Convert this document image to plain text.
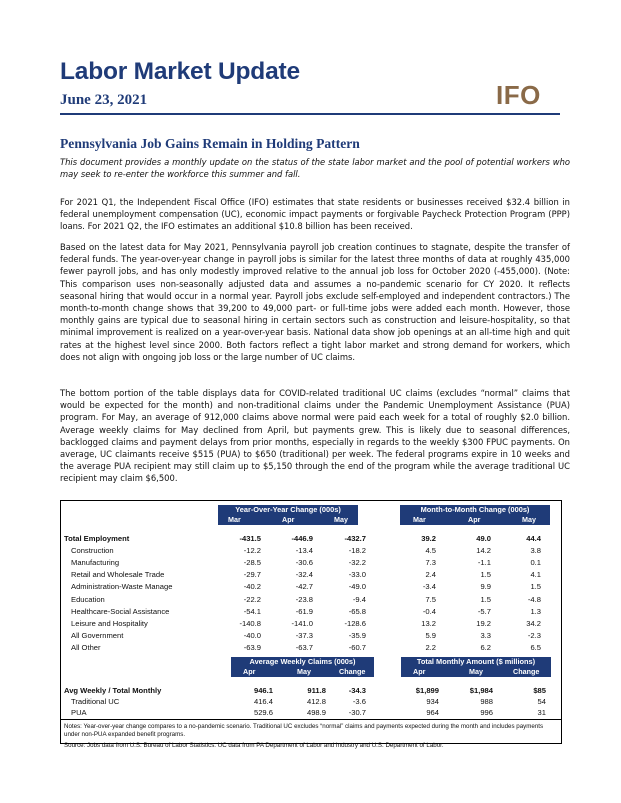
Labor Market Update
June 23, 2021	IFO
Pennsylvania Job Gains Remain in Holding Pattern
This document provides a monthly update on the status of the state labor market and the pool of potential workers who may seek to re-enter the workforce this summer and fall.

For 2021 Q1, the Independent Fiscal Office (IFO) estimates that state residents or businesses received $32.4 billion in federal unemployment compensation (UC), economic impact payments or forgivable Paycheck Protection Program (PPP) loans. For 2021 Q2, the IFO estimates an additional $10.8 billion has been received.

Based on the latest data for May 2021, Pennsylvania payroll job creation continues to stagnate, despite the transfer of federal funds. The year-over-year change in payroll jobs is similar for the latest three months of data at roughly 435,000 fewer payroll jobs, and has only modestly improved relative to the annual job loss for October 2020 (-455,000). (Note: This comparison uses non-seasonally adjusted data and assumes a no-pandemic scenario for CY 2020. It reflects seasonal hiring that would occur in a normal year. Payroll jobs exclude self-employed and independent contractors.) The month-to-month change shows that 39,200 to 49,000 part- or full-time jobs were added each month. However, those monthly gains are typical due to seasonal hiring in certain sectors such as construction and leisure-hospitality, so that minimal improvement is realized on a year-over-year basis. National data show job openings at an all-time high and quit rates at the highest level since 2000. Both factors reflect a tight labor market and strong demand for workers, which does not align with ongoing job loss or the large number of UC claims.

The bottom portion of the table displays data for COVID-related traditional UC claims (excludes “normal” claims that would be expected for the month) and non-traditional claims under the Pandemic Unemployment Assistance (PUA) program. For May, an average of 912,000 claims above normal were paid each week for a total of roughly $2.0 billion. Average weekly claims for May declined from April, but payments grew. This is likely due to seasonal differences, backlogged claims and payment delays from prior months, especially in regards to the weekly $300 FPUC payments. On average, UC claimants receive $515 (PUA) to $650 (traditional) per week. The federal programs expire in 10 weeks and the average PUA recipient may still claim up to $5,150 through the end of the program while the average traditional UC recipient may claim $6,500.

Year-Over-Year Change (000s)
Mar	Apr	May
Month-to-Month Change (000s)
Mar	Apr	May
Total Employment	-431.5	-446.9	-432.7	39.2	49.0	44.4
Construction	-12.2	-13.4	-18.2	4.5	14.2	3.8
Manufacturing	-28.5	-30.6	-32.2	7.3	-1.1	0.1
Retail and Wholesale Trade	-29.7	-32.4	-33.0	2.4	1.5	4.1
Administration-Waste Manage	-40.2	-42.7	-49.0	-3.4	9.9	1.5
Education	-22.2	-23.8	-9.4	7.5	1.5	-4.8
Healthcare-Social Assistance	-54.1	-61.9	-65.8	-0.4	-5.7	1.3
Leisure and Hospitality	-140.8	-141.0	-128.6	13.2	19.2	34.2
All Government	-40.0	-37.3	-35.9	5.9	3.3	-2.3
All Other	-63.9	-63.7	-60.7	2.2	6.2	6.5
Average Weekly Claims (000s)
Apr	May	Change
Total Monthly Amount ($ millions)
Apr	May	Change
Avg Weekly / Total Monthly	946.1	911.8	-34.3	$1,899	$1,984	$85
Traditional UC	416.4	412.8	-3.6	934	988	54
PUA	529.6	498.9	-30.7	964	996	31
Notes: Year-over-year change compares to a no-pandemic scenario. Traditional UC excludes “normal” claims and payments expected during the month and includes payments under non-PUA expanded benefit programs.
Source: Jobs data from U.S. Bureau of Labor Statistics. UC data from PA Department of Labor and Industry and U.S. Department of Labor.
